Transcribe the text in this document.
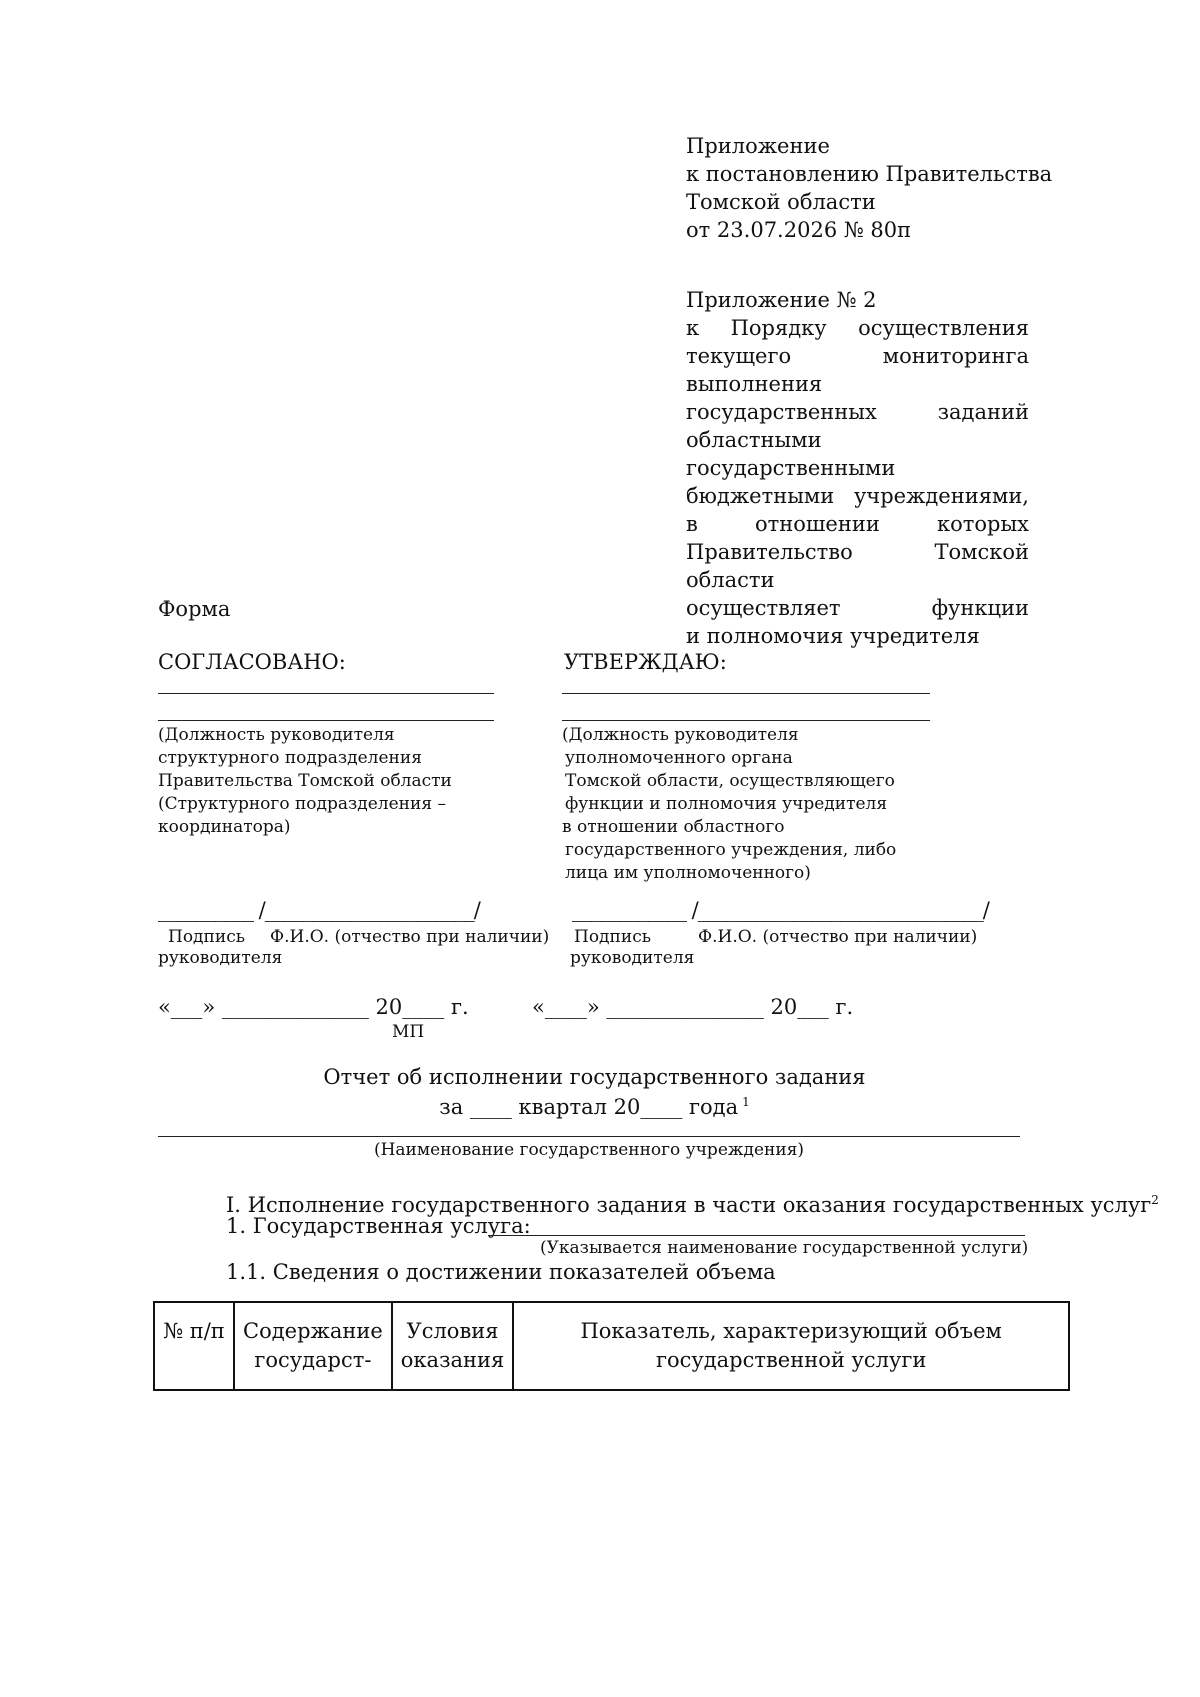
Приложение
к постановлению Правительства
Томской области
от 23.07.2026 № 80п
Приложение № 2
к Порядку осуществления
текущего мониторинга выполнения
государственных заданий
областными государственными
бюджетными учреждениями,
в отношении которых
Правительство Томской области
осуществляет функции
и полномочия учредителя
Форма
СОГЛАСОВАНО:	УТВЕРЖДАЮ:
(Должность руководителя
структурного подразделения
Правительства Томской области
(Структурного подразделения –
координатора)
(Должность руководителя
уполномоченного органа
Томской области, осуществляющего
функции и полномочия учредителя
в отношении областного
государственного учреждения, либо
лица им уполномоченного)
__________ /______________________/	____________ /______________________________/
Подпись Ф.И.О. (отчество при наличии)
руководителя
Подпись	Ф.И.О. (отчество при наличии)
руководителя
«___» ______________ 20____ г.	«____» _______________ 20___ г.
МП
Отчет об исполнении государственного задания
за ____ квартал 20____ года $^1$
(Наименование государственного учреждения)
I. Исполнение государственного задания в части оказания государственных услуг$^2$
1. Государственная услуга:
(Указывается наименование государственной услуги)
1.1. Сведения о достижении показателей объема
№ п/п	Содержание государст-	Условия оказания	Показатель, характеризующий объем государственной услуги
